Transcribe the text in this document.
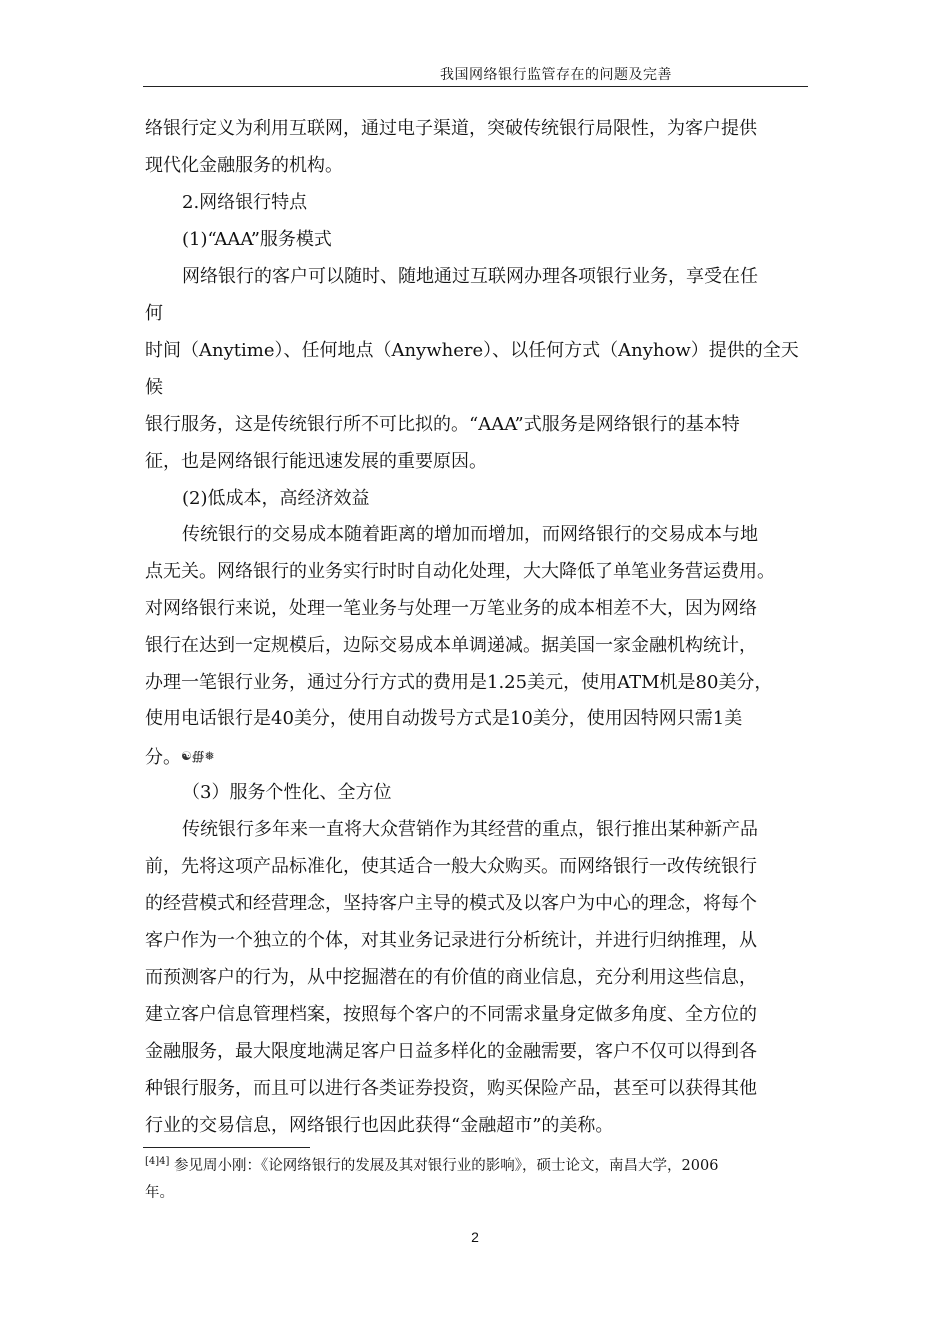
我国网络银行监管存在的问题及完善
络银行定义为利用互联网，通过电子渠道，突破传统银行局限性，为客户提供
现代化金融服务的机构。
2.网络银行特点
(1)“AAA”服务模式
网络银行的客户可以随时、随地通过互联网办理各项银行业务，享受在任
何
时间（Anytime）、任何地点（Anywhere）、以任何方式（Anyhow）提供的全天
候
银行服务，这是传统银行所不可比拟的。“AAA”式服务是网络银行的基本特
征，也是网络银行能迅速发展的重要原因。
(2)低成本，高经济效益
传统银行的交易成本随着距离的增加而增加，而网络银行的交易成本与地
点无关。网络银行的业务实行时时自动化处理，大大降低了单笔业务营运费用。
对网络银行来说，处理一笔业务与处理一万笔业务的成本相差不大，因为网络
银行在达到一定规模后，边际交易成本单调递减。据美国一家金融机构统计，
办理一笔银行业务，通过分行方式的费用是1.25美元，使用ATM机是80美分，
使用电话银行是40美分，使用自动拨号方式是10美分，使用因特网只需1美
分。☯∰❅
（3）服务个性化、全方位
传统银行多年来一直将大众营销作为其经营的重点，银行推出某种新产品
前，先将这项产品标准化，使其适合一般大众购买。而网络银行一改传统银行
的经营模式和经营理念，坚持客户主导的模式及以客户为中心的理念，将每个
客户作为一个独立的个体，对其业务记录进行分析统计，并进行归纳推理，从
而预测客户的行为，从中挖掘潜在的有价值的商业信息，充分利用这些信息，
建立客户信息管理档案，按照每个客户的不同需求量身定做多角度、全方位的
金融服务，最大限度地满足客户日益多样化的金融需要，客户不仅可以得到各
种银行服务，而且可以进行各类证券投资，购买保险产品，甚至可以获得其他
行业的交易信息，网络银行也因此获得“金融超市”的美称。
[4]4] 参见周小刚：《论网络银行的发展及其对银行业的影响》，硕士论文，南昌大学，2006
年。
2
